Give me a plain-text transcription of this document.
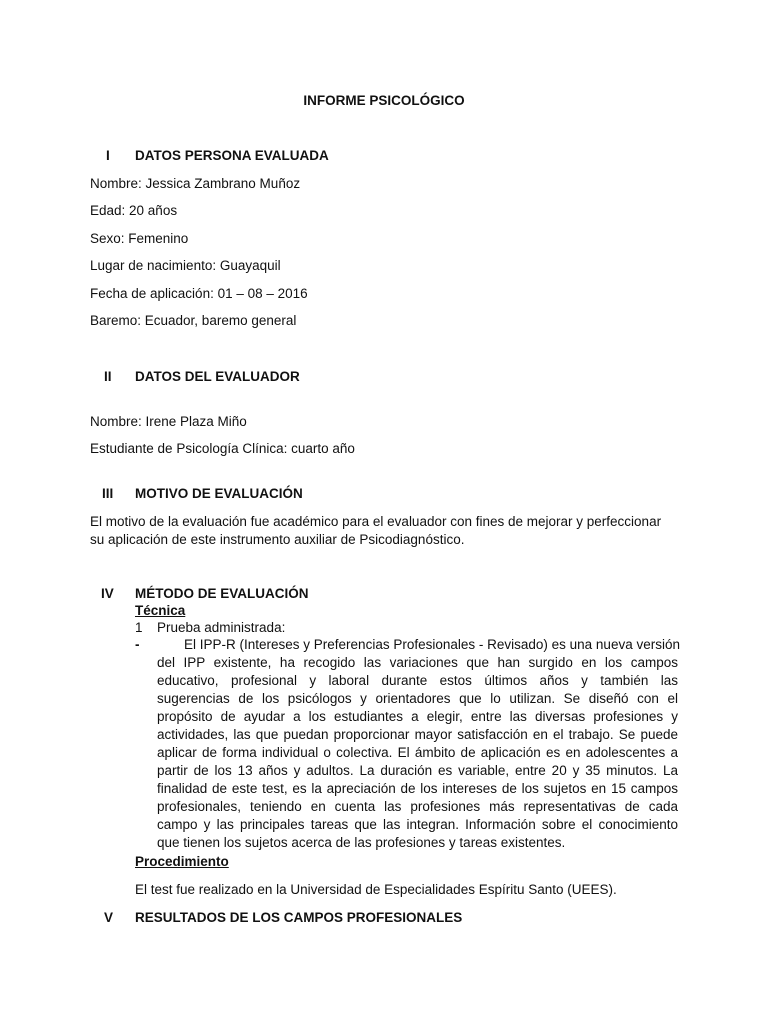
INFORME PSICOLÓGICO
I DATOS PERSONA EVALUADA
Nombre: Jessica Zambrano Muñoz
Edad: 20 años
Sexo: Femenino
Lugar de nacimiento: Guayaquil
Fecha de aplicación: 01 – 08 – 2016
Baremo: Ecuador, baremo general
II DATOS DEL EVALUADOR
Nombre: Irene Plaza Miño
Estudiante de Psicología Clínica: cuarto año
III MOTIVO DE EVALUACIÓN
El motivo de la evaluación fue académico para el evaluador con fines de mejorar y perfeccionar
su aplicación de este instrumento auxiliar de Psicodiagnóstico.
IV MÉTODO DE EVALUACIÓN
Técnica
1 Prueba administrada:
-	El IPP-R (Intereses y Preferencias Profesionales - Revisado) es una nueva versión
del IPP existente, ha recogido las variaciones que han surgido en los campos
educativo, profesional y laboral durante estos últimos años y también las
sugerencias de los psicólogos y orientadores que lo utilizan. Se diseñó con el
propósito de ayudar a los estudiantes a elegir, entre las diversas profesiones y
actividades, las que puedan proporcionar mayor satisfacción en el trabajo. Se puede
aplicar de forma individual o colectiva. El ámbito de aplicación es en adolescentes a
partir de los 13 años y adultos. La duración es variable, entre 20 y 35 minutos. La
finalidad de este test, es la apreciación de los intereses de los sujetos en 15 campos
profesionales, teniendo en cuenta las profesiones más representativas de cada
campo y las principales tareas que las integran. Información sobre el conocimiento
que tienen los sujetos acerca de las profesiones y tareas existentes.
Procedimiento
El test fue realizado en la Universidad de Especialidades Espíritu Santo (UEES).
V RESULTADOS DE LOS CAMPOS PROFESIONALES
